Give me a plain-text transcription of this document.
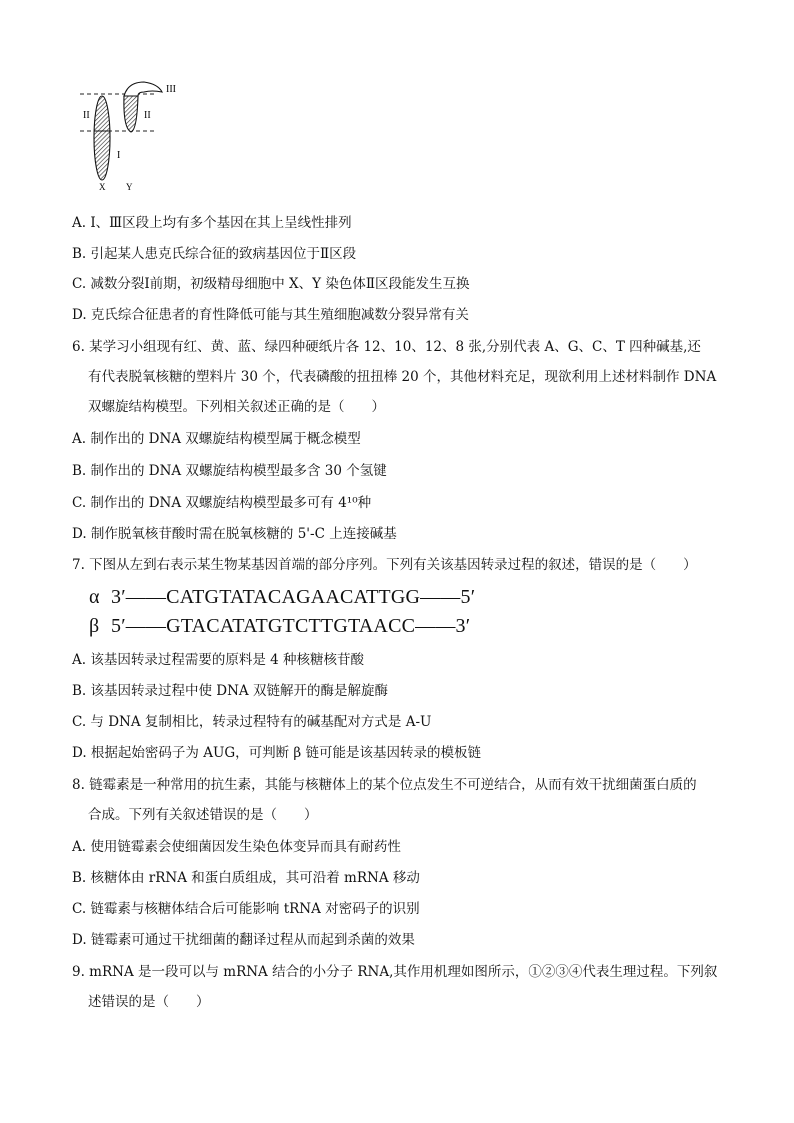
III
II	II
I
X Y
A. Ⅰ、Ⅲ区段上均有多个基因在其上呈线性排列
B. 引起某人患克氏综合征的致病基因位于Ⅱ区段
C. 减数分裂Ⅰ前期，初级精母细胞中 X、Y 染色体Ⅱ区段能发生互换
D. 克氏综合征患者的育性降低可能与其生殖细胞减数分裂异常有关
6. 某学习小组现有红、黄、蓝、绿四种硬纸片各 12、10、12、8 张,分别代表 A、G、C、T 四种碱基,还
有代表脱氧核糖的塑料片 30 个，代表磷酸的扭扭棒 20 个，其他材料充足，现欲利用上述材料制作 DNA
双螺旋结构模型。下列相关叙述正确的是（　　）
A. 制作出的 DNA 双螺旋结构模型属于概念模型
B. 制作出的 DNA 双螺旋结构模型最多含 30 个氢键
C. 制作出的 DNA 双螺旋结构模型最多可有 4¹⁰种
D. 制作脱氧核苷酸时需在脱氧核糖的 5'-C 上连接碱基
7. 下图从左到右表示某生物某基因首端的部分序列。下列有关该基因转录过程的叙述，错误的是（　　）
α 3′——CATGTATACAGAACATTGG——5′
β 5′——GTACATATGTCTTGTAACC——3′
A. 该基因转录过程需要的原料是 4 种核糖核苷酸
B. 该基因转录过程中使 DNA 双链解开的酶是解旋酶
C. 与 DNA 复制相比，转录过程特有的碱基配对方式是 A-U
D. 根据起始密码子为 AUG，可判断 β 链可能是该基因转录的模板链
8. 链霉素是一种常用的抗生素，其能与核糖体上的某个位点发生不可逆结合，从而有效干扰细菌蛋白质的
合成。下列有关叙述错误的是（　　）
A. 使用链霉素会使细菌因发生染色体变异而具有耐药性
B. 核糖体由 rRNA 和蛋白质组成，其可沿着 mRNA 移动
C. 链霉素与核糖体结合后可能影响 tRNA 对密码子的识别
D. 链霉素可通过干扰细菌的翻译过程从而起到杀菌的效果
9. mRNA 是一段可以与 mRNA 结合的小分子 RNA,其作用机理如图所示，①②③④代表生理过程。下列叙
述错误的是（　　）
